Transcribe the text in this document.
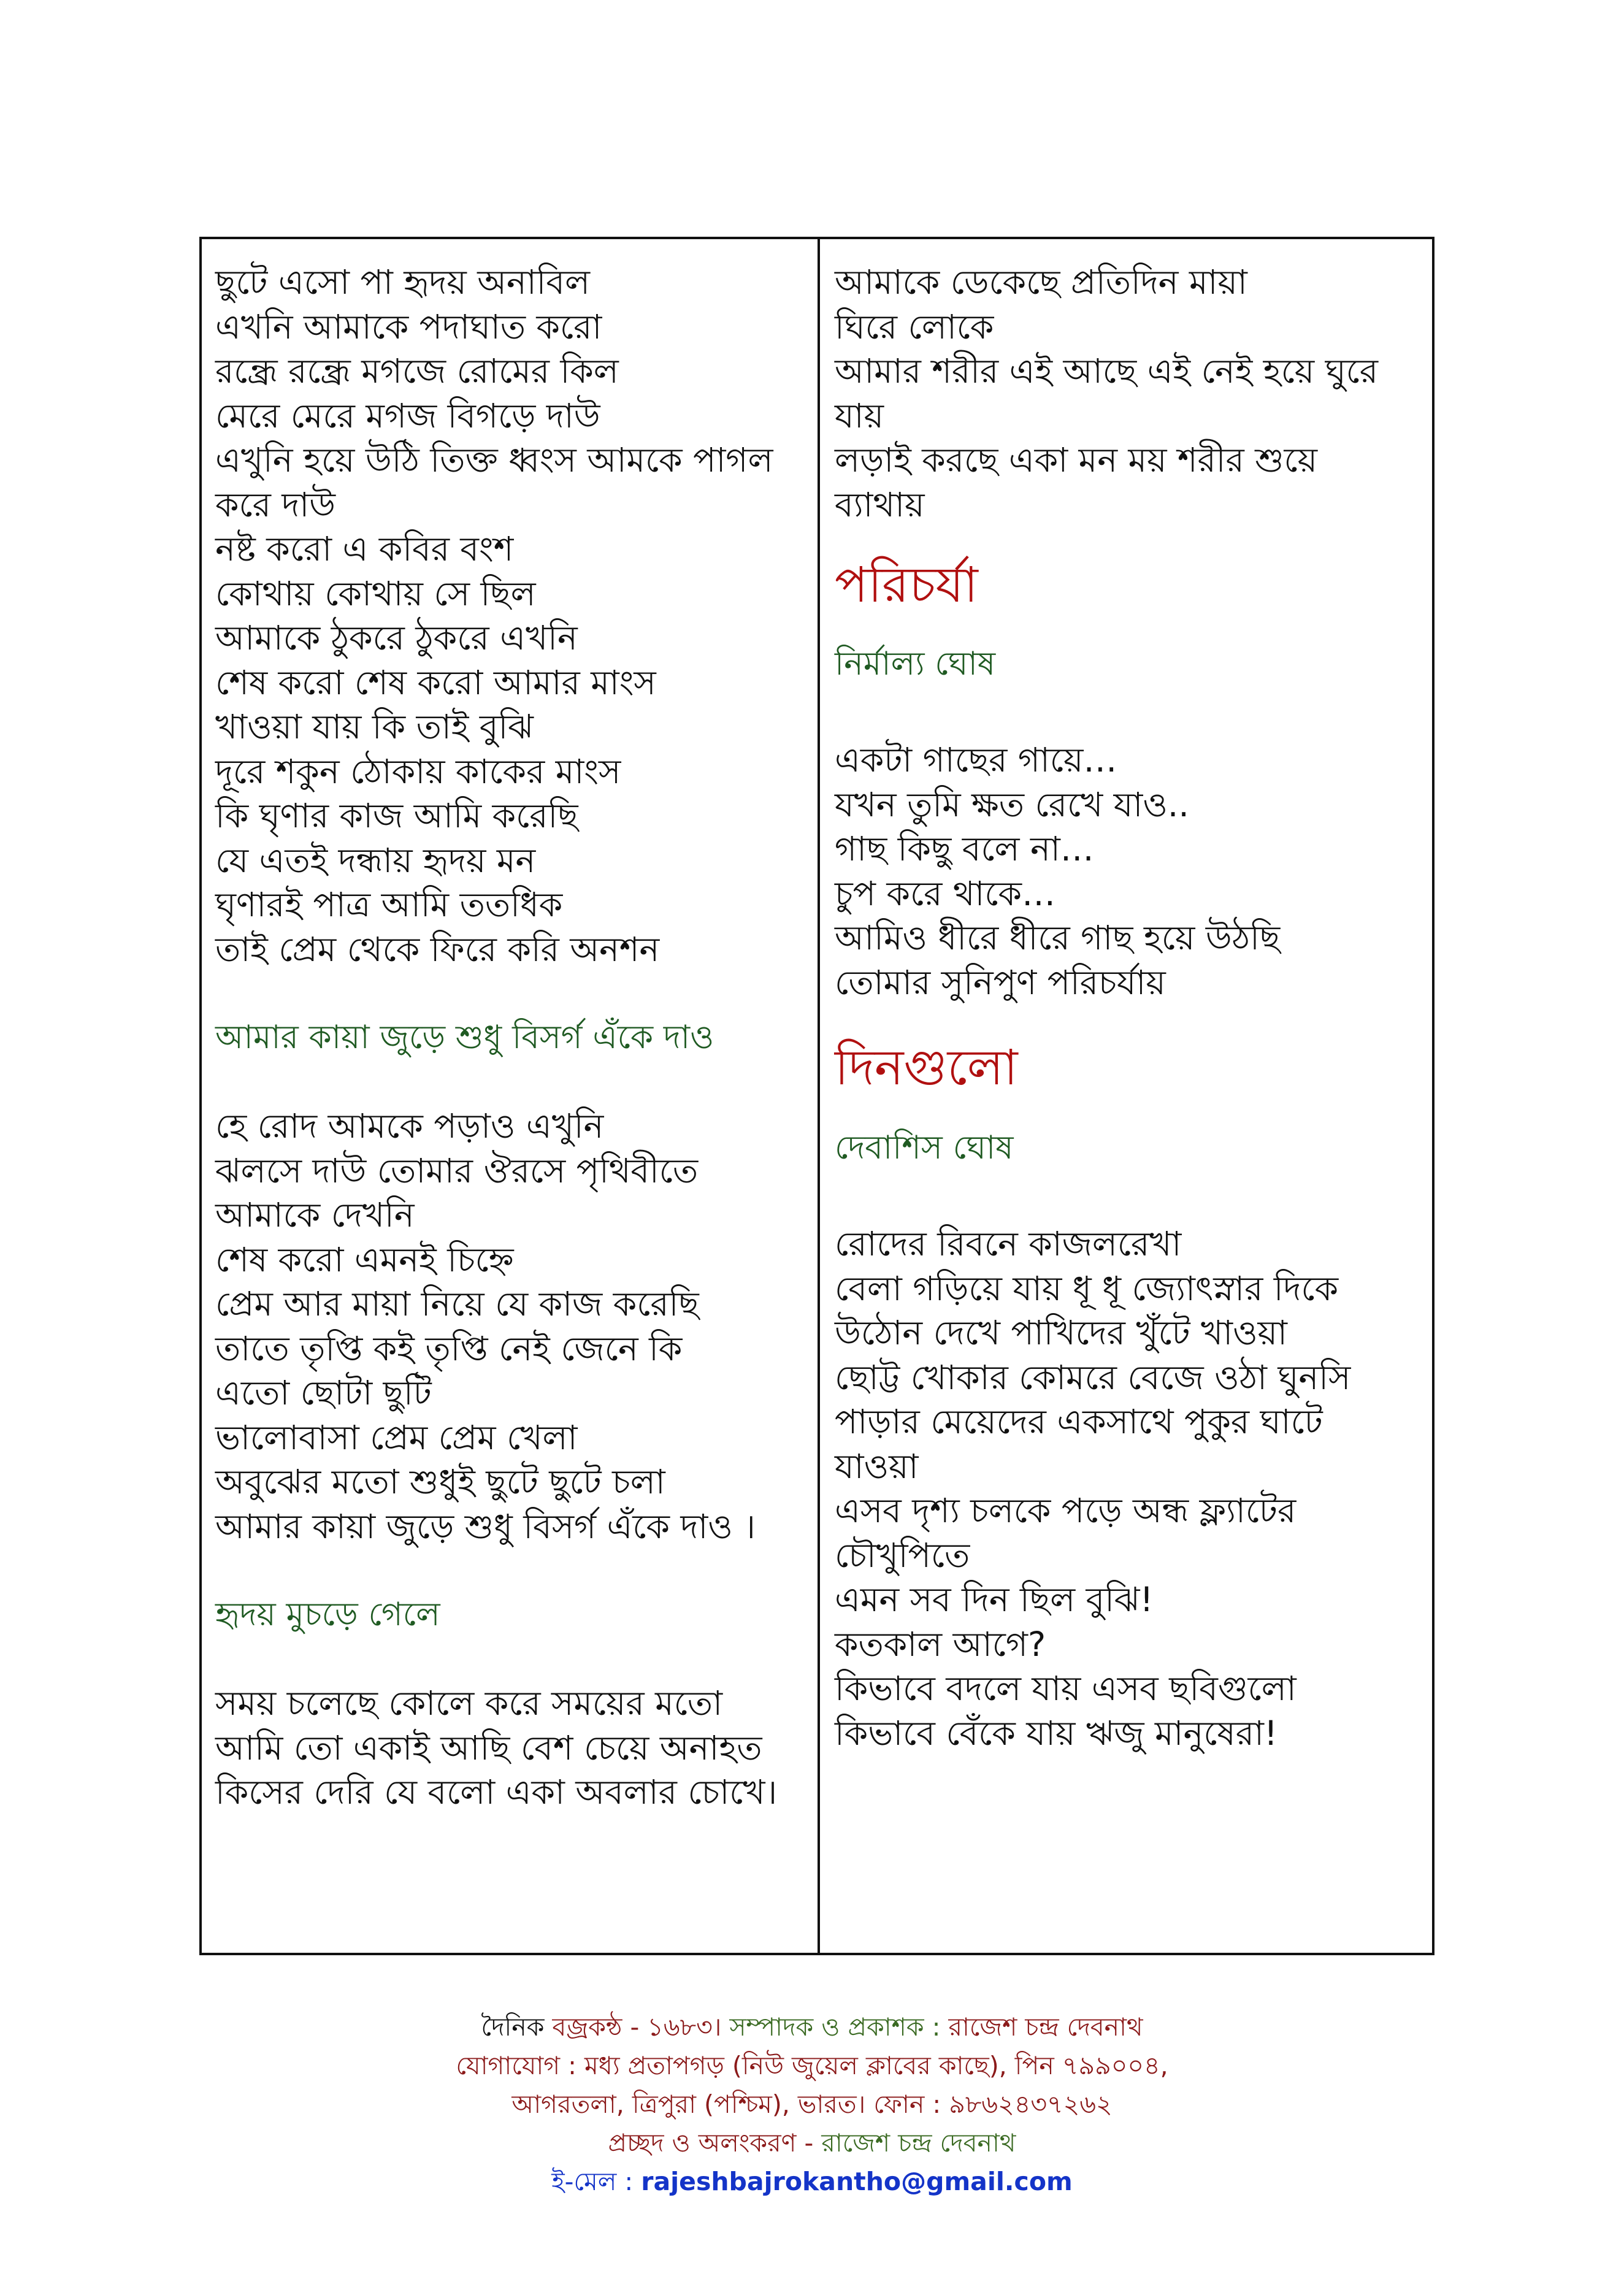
ছুটে এসো পা হৃদয় অনাবিল
এখনি আমাকে পদাঘাত করো
রন্ধ্রে রন্ধ্রে মগজে রোমের কিল
মেরে মেরে মগজ বিগড়ে দাউ
এখুনি হয়ে উঠি তিক্ত ধ্বংস আমকে পাগল
করে দাউ
নষ্ট করো এ কবির বংশ
কোথায় কোথায় সে ছিল
আমাকে ঠুকরে ঠুকরে এখনি
শেষ করো শেষ করো আমার মাংস
খাওয়া যায় কি তাই বুঝি
দূরে শকুন ঠোকায় কাকের মাংস
কি ঘৃণার কাজ আমি করেছি
যে এতই দন্ধায় হৃদয় মন
ঘৃণারই পাত্র আমি ততধিক
তাই প্রেম থেকে ফিরে করি অনশন
আমার কায়া জুড়ে শুধু বিসর্গ এঁকে দাও
হে রোদ আমকে পড়াও এখুনি
ঝলসে দাউ তোমার ঔরসে পৃথিবীতে
আমাকে দেখনি
শেষ করো এমনই চিহ্নে
প্রেম আর মায়া নিয়ে যে কাজ করেছি
তাতে তৃপ্তি কই তৃপ্তি নেই জেনে কি
এতো ছোটা ছুটি
ভালোবাসা প্রেম প্রেম খেলা
অবুঝের মতো শুধুই ছুটে ছুটে চলা
আমার কায়া জুড়ে শুধু বিসর্গ এঁকে দাও ।
হৃদয় মুচড়ে গেলে
সময় চলেছে কোলে করে সময়ের মতো
আমি তো একাই আছি বেশ চেয়ে অনাহত
কিসের দেরি যে বলো একা অবলার চোখে।
আমাকে ডেকেছে প্রতিদিন মায়া
ঘিরে লোকে
আমার শরীর এই আছে এই নেই হয়ে ঘুরে
যায়
লড়াই করছে একা মন ময় শরীর শুয়ে
ব্যাথায়
পরিচর্যা
নির্মাল্য ঘোষ
একটা গাছের গায়ে…
যখন তুমি ক্ষত রেখে যাও..
গাছ কিছু বলে না…
চুপ করে থাকে…
আমিও ধীরে ধীরে গাছ হয়ে উঠছি
তোমার সুনিপুণ পরিচর্যায়
দিনগুলো
দেবাশিস ঘোষ
রোদের রিবনে কাজলরেখা
বেলা গড়িয়ে যায় ধূ ধূ জ্যোৎস্নার দিকে
উঠোন দেখে পাখিদের খুঁটে খাওয়া
ছোট্ট খোকার কোমরে বেজে ওঠা ঘুনসি
পাড়ার মেয়েদের একসাথে পুকুর ঘাটে
যাওয়া
এসব দৃশ্য চলকে পড়ে অন্ধ ফ্ল্যাটের
চৌখুপিতে
এমন সব দিন ছিল বুঝি!
কতকাল আগে?
কিভাবে বদলে যায় এসব ছবিগুলো
কিভাবে বেঁকে যায় ঋজু মানুষেরা!
দৈনিক বজ্রকন্ঠ - ১৬৮৩। সম্পাদক ও প্রকাশক : রাজেশ চন্দ্র দেবনাথ
যোগাযোগ : মধ্য প্রতাপগড় (নিউ জুয়েল ক্লাবের কাছে), পিন ৭৯৯০০৪,
আগরতলা, ত্রিপুরা (পশ্চিম), ভারত। ফোন : ৯৮৬২৪৩৭২৬২
প্রচ্ছদ ও অলংকরণ - রাজেশ চন্দ্র দেবনাথ
ই-মেল : rajeshbajrokantho@gmail.com
